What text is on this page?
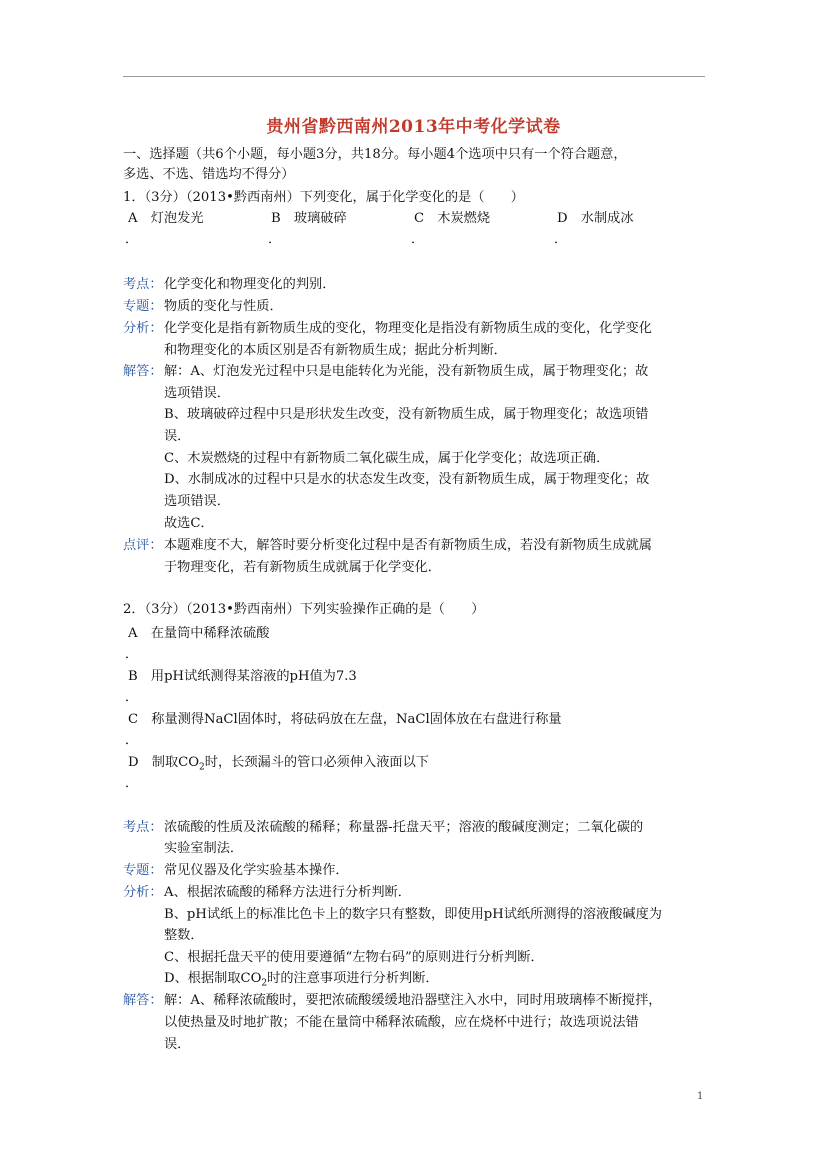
贵州省黔西南州2013年中考化学试卷
一、选择题（共6个小题，每小题3分，共18分。每小题4个选项中只有一个符合题意，
多选、不选、错选均不得分）
1．（3分）（2013•黔西南州）下列变化，属于化学变化的是（　　）
A　灯泡发光	B　玻璃破碎	C　木炭燃烧	D　水制成冰
．	．	．	．
考点： 化学变化和物理变化的判别．
专题： 物质的变化与性质．
分析： 化学变化是指有新物质生成的变化，物理变化是指没有新物质生成的变化，化学变化
和物理变化的本质区别是否有新物质生成；据此分析判断．
解答： 解：A、灯泡发光过程中只是电能转化为光能，没有新物质生成，属于物理变化；故
选项错误．
B、玻璃破碎过程中只是形状发生改变，没有新物质生成，属于物理变化；故选项错
误．
C、木炭燃烧的过程中有新物质二氧化碳生成，属于化学变化；故选项正确．
D、水制成冰的过程中只是水的状态发生改变，没有新物质生成，属于物理变化；故
选项错误．
故选C．
点评： 本题难度不大，解答时要分析变化过程中是否有新物质生成，若没有新物质生成就属
于物理变化，若有新物质生成就属于化学变化．
2．（3分）（2013•黔西南州）下列实验操作正确的是（　　）
A　在量筒中稀释浓硫酸
．
B　用pH试纸测得某溶液的pH值为7.3
．
C　称量测得NaCl固体时，将砝码放在左盘，NaCl固体放在右盘进行称量
．
D　制取$CO_2$时，长颈漏斗的管口必须伸入液面以下
．
考点： 浓硫酸的性质及浓硫酸的稀释；称量器-托盘天平；溶液的酸碱度测定；二氧化碳的
实验室制法．
专题： 常见仪器及化学实验基本操作．
分析： A、根据浓硫酸的稀释方法进行分析判断．
B、pH试纸上的标准比色卡上的数字只有整数，即使用pH试纸所测得的溶液酸碱度为
整数．
C、根据托盘天平的使用要遵循“左物右码”的原则进行分析判断．
D、根据制取$CO_2$时的注意事项进行分析判断．
解答： 解：A、稀释浓硫酸时，要把浓硫酸缓缓地沿器壁注入水中，同时用玻璃棒不断搅拌，
以使热量及时地扩散；不能在量筒中稀释浓硫酸，应在烧杯中进行；故选项说法错
误．
1
